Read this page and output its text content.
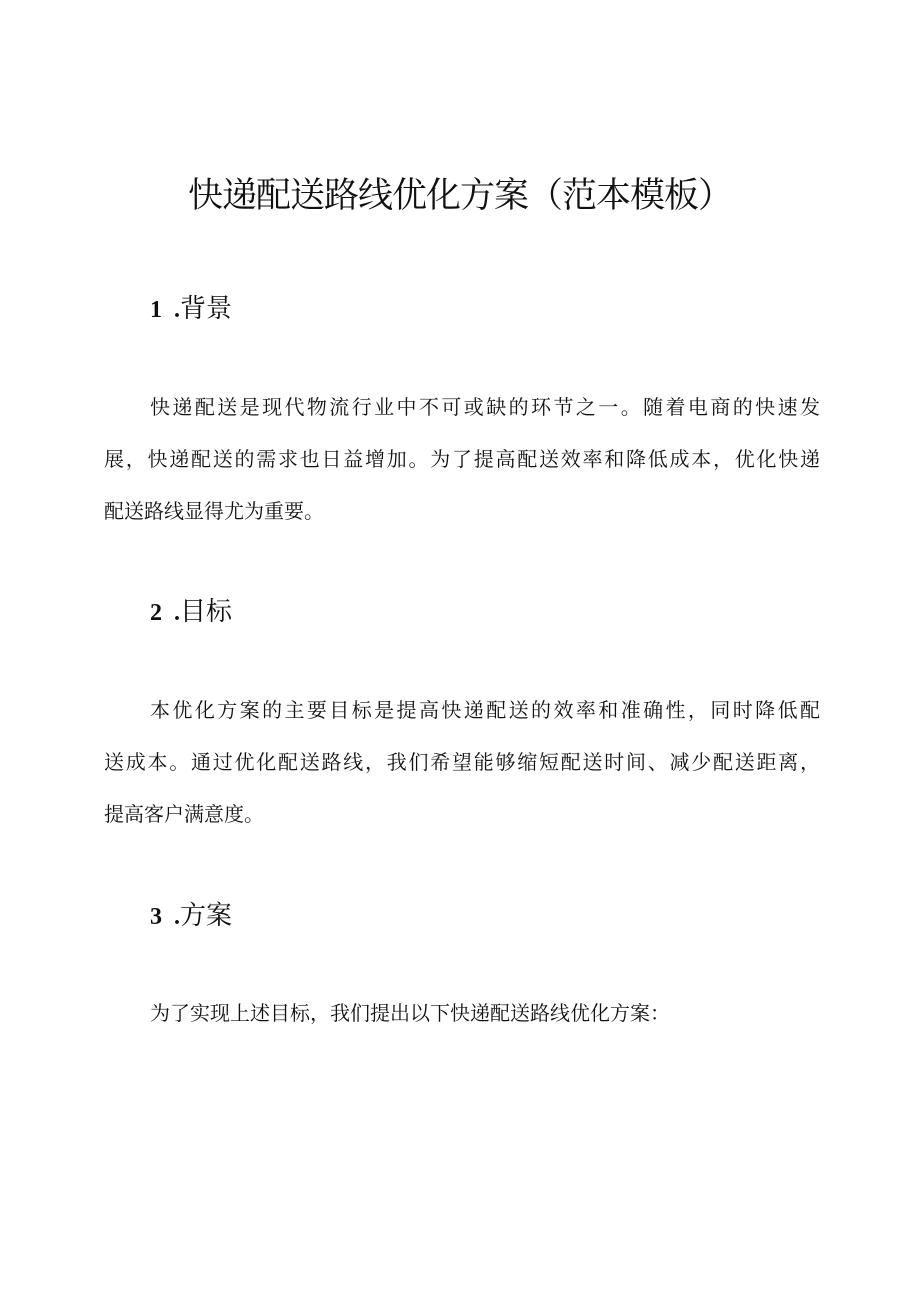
快递配送路线优化方案（范本模板）
1 .背景

快递配送是现代物流行业中不可或缺的环节之一。随着电商的快速发
展，快递配送的需求也日益增加。为了提高配送效率和降低成本，优化快递
配送路线显得尤为重要。

2 .目标

本优化方案的主要目标是提高快递配送的效率和准确性，同时降低配
送成本。通过优化配送路线，我们希望能够缩短配送时间、减少配送距离，
提高客户满意度。

3 .方案

为了实现上述目标，我们提出以下快递配送路线优化方案：
